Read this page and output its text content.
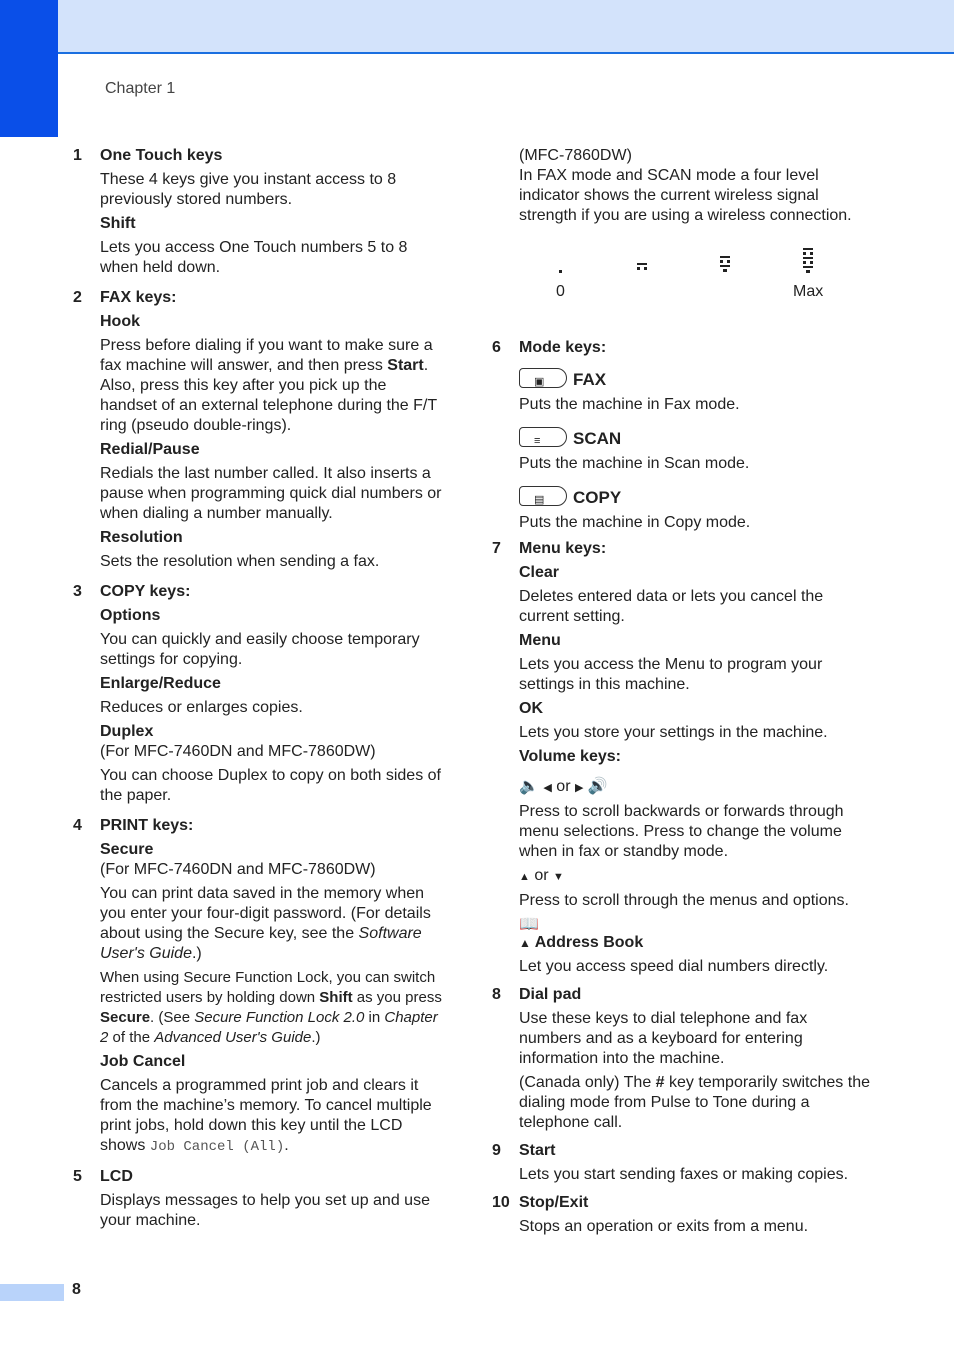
Chapter 1
1 One Touch keys
These 4 keys give you instant access to 8 previously stored numbers.
Shift
Lets you access One Touch numbers 5 to 8 when held down.
2 FAX keys:
Hook
Press before dialing if you want to make sure a fax machine will answer, and then press Start. Also, press this key after you pick up the handset of an external telephone during the F/T ring (pseudo double-rings).
Redial/Pause
Redials the last number called. It also inserts a pause when programming quick dial numbers or when dialing a number manually.
Resolution
Sets the resolution when sending a fax.
3 COPY keys:
Options
You can quickly and easily choose temporary settings for copying.
Enlarge/Reduce
Reduces or enlarges copies.
Duplex
(For MFC-7460DN and MFC-7860DW)
You can choose Duplex to copy on both sides of the paper.
4 PRINT keys:
Secure
(For MFC-7460DN and MFC-7860DW)
You can print data saved in the memory when you enter your four-digit password. (For details about using the Secure key, see the Software User's Guide.)
When using Secure Function Lock, you can switch restricted users by holding down Shift as you press Secure. (See Secure Function Lock 2.0 in Chapter 2 of the Advanced User's Guide.)
Job Cancel
Cancels a programmed print job and clears it from the machine’s memory. To cancel multiple print jobs, hold down this key until the LCD shows Job Cancel (All).
5 LCD
Displays messages to help you set up and use your machine.
(MFC-7860DW)
In FAX mode and SCAN mode a four level indicator shows the current wireless signal strength if you are using a wireless connection.
0	Max
6 Mode keys:
▣ FAX
Puts the machine in Fax mode.
≡ SCAN
Puts the machine in Scan mode.
▤ COPY
Puts the machine in Copy mode.
7 Menu keys:
Clear
Deletes entered data or lets you cancel the current setting.
Menu
Lets you access the Menu to program your settings in this machine.
OK
Lets you store your settings in the machine.
Volume keys:
🔈 ◀ or ▶ 🔊
Press to scroll backwards or forwards through menu selections. Press to change the volume when in fax or standby mode.
▲ or ▼
Press to scroll through the menus and options.
📖
▲ Address Book
Let you access speed dial numbers directly.
8 Dial pad
Use these keys to dial telephone and fax numbers and as a keyboard for entering information into the machine.
(Canada only) The # key temporarily switches the dialing mode from Pulse to Tone during a telephone call.
9 Start
Lets you start sending faxes or making copies.
10 Stop/Exit
Stops an operation or exits from a menu.
8
